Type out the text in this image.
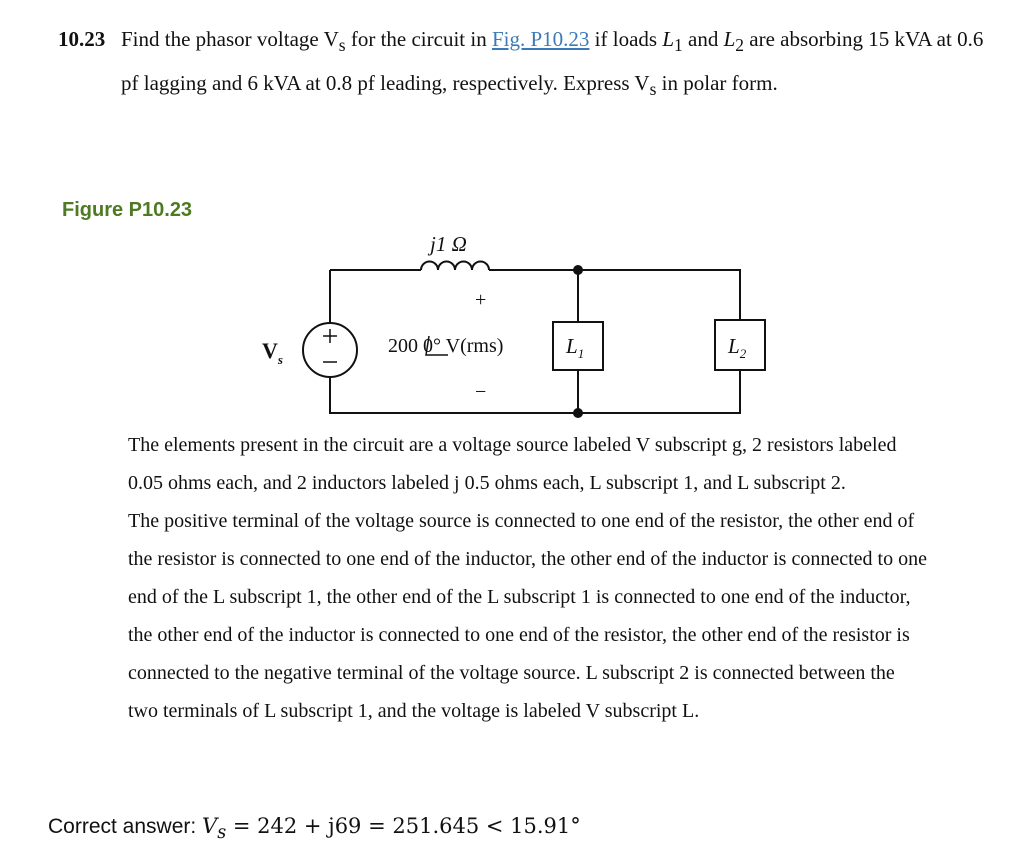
10.23 Find the phasor voltage $V_s$ for the circuit in Fig. P10.23 if loads $L_1$ and $L_2$ are absorbing 15 kVA at 0.6 pf lagging and 6 kVA at 0.8 pf leading, respectively. Express $V_s$ in polar form.
Figure P10.23
j1 Ω
$V_s$
+
−
200 0° V(rms)	$L_1$	$L_2$

The elements present in the circuit are a voltage source labeled V subscript g, 2 resistors labeled 0.05 ohms each, and 2 inductors labeled j 0.5 ohms each, L subscript 1, and L subscript 2.

The positive terminal of the voltage source is connected to one end of the resistor, the other end of the resistor is connected to one end of the inductor, the other end of the inductor is connected to one end of the L subscript 1, the other end of the L subscript 1 is connected to one end of the inductor, the other end of the inductor is connected to one end of the resistor, the other end of the resistor is connected to the negative terminal of the voltage source. L subscript 2 is connected between the two terminals of L subscript 1, and the voltage is labeled V subscript L.

Correct answer: $V_s = 242 + j69 = 251.645 < 15.91^\circ$
